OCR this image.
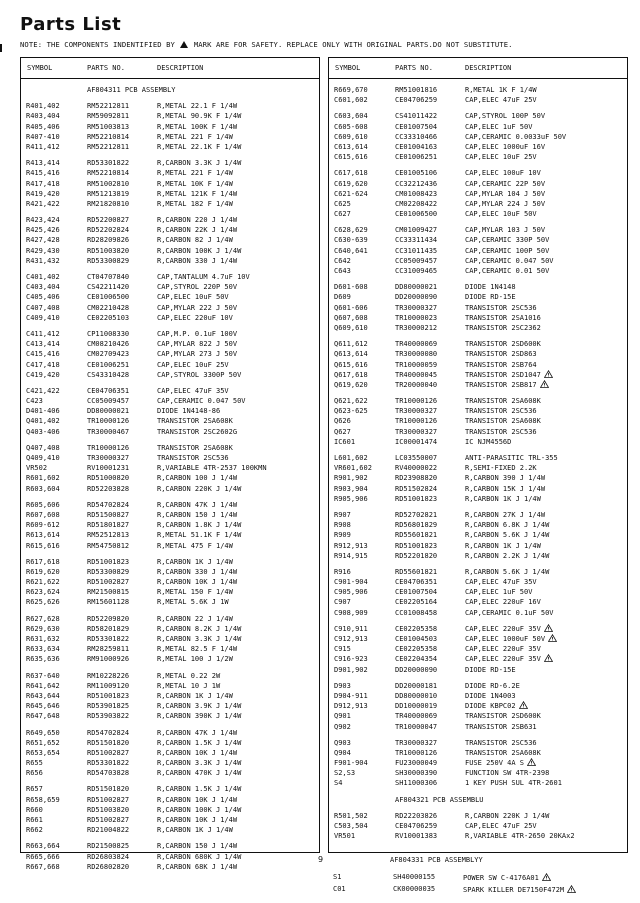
Parts List
NOTE: THE COMPONENTS INDENTIFIED BY	MARK ARE FOR SAFETY. REPLACE ONLY WITH ORIGINAL PARTS.DO NOT SUBSTITUTE.
SYMBOL	PARTS NO.	DESCRIPTION
AF804311 PCB ASSEMBLY
R401,402	RM52212811	R,METAL 22.1 F 1/4W
R403,404	RM59092811	R,METAL 90.9K F 1/4W
R405,406	RM51003813	R,METAL 100K F 1/4W
R407-410	RM52210814	R,METAL 221 F 1/4W
R411,412	RM52212811	R,METAL 22.1K F 1/4W
R413,414	RD53301822	R,CARBON 3.3K J 1/4W
R415,416	RM52210814	R,METAL 221 F 1/4W
R417,418	RM51002810	R,METAL 10K F 1/4W
R419,420	RM51213819	R,METAL 121K F 1/4W
R421,422	RM21820810	R,METAL 182 F 1/4W
R423,424	RD52200827	R,CARBON 220 J 1/4W
R425,426	RD52202824	R,CARBON 22K J 1/4W
R427,428	RD28209826	R,CARBON 82 J 1/4W
R429,430	RD51003820	R,CARBON 100K J 1/4W
R431,432	RD53300829	R,CARBON 330 J 1/4W
C401,402	CT04707840	CAP,TANTALUM 4.7uF 10V
C403,404	CS42211420	CAP,STYROL 220P 50V
C405,406	CE01006500	CAP,ELEC 10uF 50V
C407,408	CM02210428	CAP,MYLAR 222 J 50V
C409,410	CE02205103	CAP,ELEC 220uF 10V
C411,412	CP11008330	CAP,M.P. 0.1uF 100V
C413,414	CM08210426	CAP,MYLAR 822 J 50V
C415,416	CM02709423	CAP,MYLAR 273 J 50V
C417,418	CE01006251	CAP,ELEC 10uF 25V
C419,420	CS43310428	CAP,STYROL 3300P 50V
C421,422	CE04706351	CAP,ELEC 47uF 35V
C423	CC05009457	CAP,CERAMIC 0.047 50V
D401-406	DD80000021	DIODE 1N4148-86
Q401,402	TR10000126	TRANSISTOR 2SA608K
Q403-406	TR30000467	TRANSISTOR 2SC2602G
Q407,408	TR10000126	TRANSISTOR 2SA608K
Q409,410	TR30000327	TRANSISTOR 2SC536
VR502	RV10001231	R,VARIABLE 4TR-2537 100KMN
R601,602	RD51000820	R,CARBON 100 J 1/4W
R603,604	RD52203828	R,CARBON 220K J 1/4W
R605,606	RD54702824	R,CARBON 47K J 1/4W
R607,608	RD51500827	R,CARBON 150 J 1/4W
R609-612	RD51801827	R,CARBON 1.8K J 1/4W
R613,614	RM52512813	R,METAL 51.1K F 1/4W
R615,616	RM54750812	R,METAL 475 F 1/4W
R617,618	RD51001823	R,CARBON 1K J 1/4W
R619,620	RD53300829	R,CARBON 330 J 1/4W
R621,622	RD51002827	R,CARBON 10K J 1/4W
R623,624	RM21500815	R,METAL 150 F 1/4W
R625,626	RM15601128	R,METAL 5.6K J 1W
R627,628	RD52209820	R,CARBON 22 J 1/4W
R629,630	RD58201829	R,CARBON 8.2K J 1/4W
R631,632	RD53301822	R,CARBON 3.3K J 1/4W
R633,634	RM28259811	R,METAL 82.5 F 1/4W
R635,636	RM91000926	R,METAL 100 J 1/2W
R637-640	RM10228226	R,METAL 0.22 2W
R641,642	RM11009120	R,METAL 10 J 1W
R643,644	RD51001823	R,CARBON 1K J 1/4W
R645,646	RD53901825	R,CARBON 3.9K J 1/4W
R647,648	RD53903822	R,CARBON 390K J 1/4W
R649,650	RD54702824	R,CARBON 47K J 1/4W
R651,652	RD51501820	R,CARBON 1.5K J 1/4W
R653,654	RD51002827	R,CARBON 10K J 1/4W
R655	RD53301822	R,CARBON 3.3K J 1/4W
R656	RD54703828	R,CARBON 470K J 1/4W
R657	RD51501820	R,CARBON 1.5K J 1/4W
R658,659	RD51002827	R,CARBON 10K J 1/4W
R660	RD51003820	R,CARBON 100K J 1/4W
R661	RD51002827	R,CARBON 10K J 1/4W
R662	RD21004822	R,CARBON 1K J 1/4W
R663,664	RD21500825	R,CARBON 150 J 1/4W
R665,666	RD26803824	R,CARBON 680K J 1/4W
R667,668	RD26802820	R,CARBON 68K J 1/4W
SYMBOL	PARTS NO.	DESCRIPTION
R669,670	RM51001816	R,METAL 1K F 1/4W
C601,602	CE04706259	CAP,ELEC 47uF 25V
C603,604	CS41011422	CAP,STYROL 100P 50V
C605-608	CE01007504	CAP,ELEC 1uF 50V
C609,610	CC33310466	CAP,CERAMIC 0.0033uF 50V
C613,614	CE01004163	CAP,ELEC 1000uF 16V
C615,616	CE01006251	CAP,ELEC 10uF 25V
C617,618	CE01005106	CAP,ELEC 100uF 10V
C619,620	CC32212436	CAP,CERAMIC 22P 50V
C621-624	CM01008423	CAP,MYLAR 104 J 50V
C625	CM02208422	CAP,MYLAR 224 J 50V
C627	CE01006500	CAP,ELEC 10uF 50V
C628,629	CM01009427	CAP,MYLAR 103 J 50V
C630-639	CC33311434	CAP,CERAMIC 330P 50V
C640,641	CC31011435	CAP,CERAMIC 100P 50V
C642	CC05009457	CAP,CERAMIC 0.047 50V
C643	CC31009465	CAP,CERAMIC 0.01 50V
D601-608	DD80000021	DIODE 1N4148
D609	DD20000090	DIODE RD-15E
Q601-606	TR30000327	TRANSISTOR 2SC536
Q607,608	TR10000023	TRANSISTOR 2SA1016
Q609,610	TR30000212	TRANSISTOR 2SC2362
Q611,612	TR40000069	TRANSISTOR 2SD600K
Q613,614	TR30000080	TRANSISTOR 2SD863
Q615,616	TR10000059	TRANSISTOR 2SB764
Q617,618	TR40000045	TRANSISTOR 2SD1047
Q619,620	TR20000040	TRANSISTOR 2SB817
Q621,622	TR10000126	TRANSISTOR 2SA608K
Q623-625	TR30000327	TRANSISTOR 2SC536
Q626	TR10000126	TRANSISTOR 2SA608K
Q627	TR30000327	TRANSISTOR 2SC536
IC601	IC00001474	IC NJM4556D
L601,602	LC03550007	ANTI-PARASITIC TRL-355
VR601,602	RV40000022	R,SEMI-FIXED 2.2K
R901,902	RD23908820	R,CARBON 390 J 1/4W
R903,904	RD51502824	R,CARBON 15K J 1/4W
R905,906	RD51001823	R,CARBON 1K J 1/4W
R907	RD52702821	R,CARBON 27K J 1/4W
R908	RD56801829	R,CARBON 6.8K J 1/4W
R909	RD55601821	R,CARBON 5.6K J 1/4W
R912,913	RD51001823	R,CARBON 1K J 1/4W
R914,915	RD52201820	R,CARBON 2.2K J 1/4W
R916	RD55601821	R,CARBON 5.6K J 1/4W
C901-904	CE04706351	CAP,ELEC 47uF 35V
C905,906	CE01007504	CAP,ELEC 1uF 50V
C907	CE02205164	CAP,ELEC 220uF 16V
C908,909	CC01008458	CAP,CERAMIC 0.1uF 50V
C910,911	CE02205358	CAP,ELEC 220uF 35V
C912,913	CE01004503	CAP,ELEC 1000uF 50V
C915	CE02205358	CAP,ELEC 220uF 35V
C916-923	CE02204354	CAP,ELEC 220uF 35V
D901,902	DD20000090	DIODE RD-15E
D903	DD20000181	DIODE RD-6.2E
D904-911	DD80000010	DIODE 1N4003
D912,913	DD10000019	DIODE KBPC02
Q901	TR40000069	TRANSISTOR 2SD600K
Q902	TR10000047	TRANSISTOR 2SB631
Q903	TR30000327	TRANSISTOR 2SC536
Q904	TR10000126	TRANSISTOR 2SA608K
F901-904	FU23000049	FUSE 250V 4A S
S2,S3	SH30000390	FUNCTION SW 4TR-2398
S4	SH11000306	1 KEY PUSH SUL 4TR-2601
AF804321 PCB ASSEMBLU
R501,502	RD22203826	R,CARBON 220K J 1/4W
C503,504	CE04706259	CAP,ELEC 47uF 25V
VR501	RV10001383	R,VARIABLE 4TR-2650 20KAx2
9	AF804331 PCB ASSEMBLYY
S1	SH40000155	POWER SW C-4176A01
C01	CK00000035	SPARK KILLER DE7150F472M
